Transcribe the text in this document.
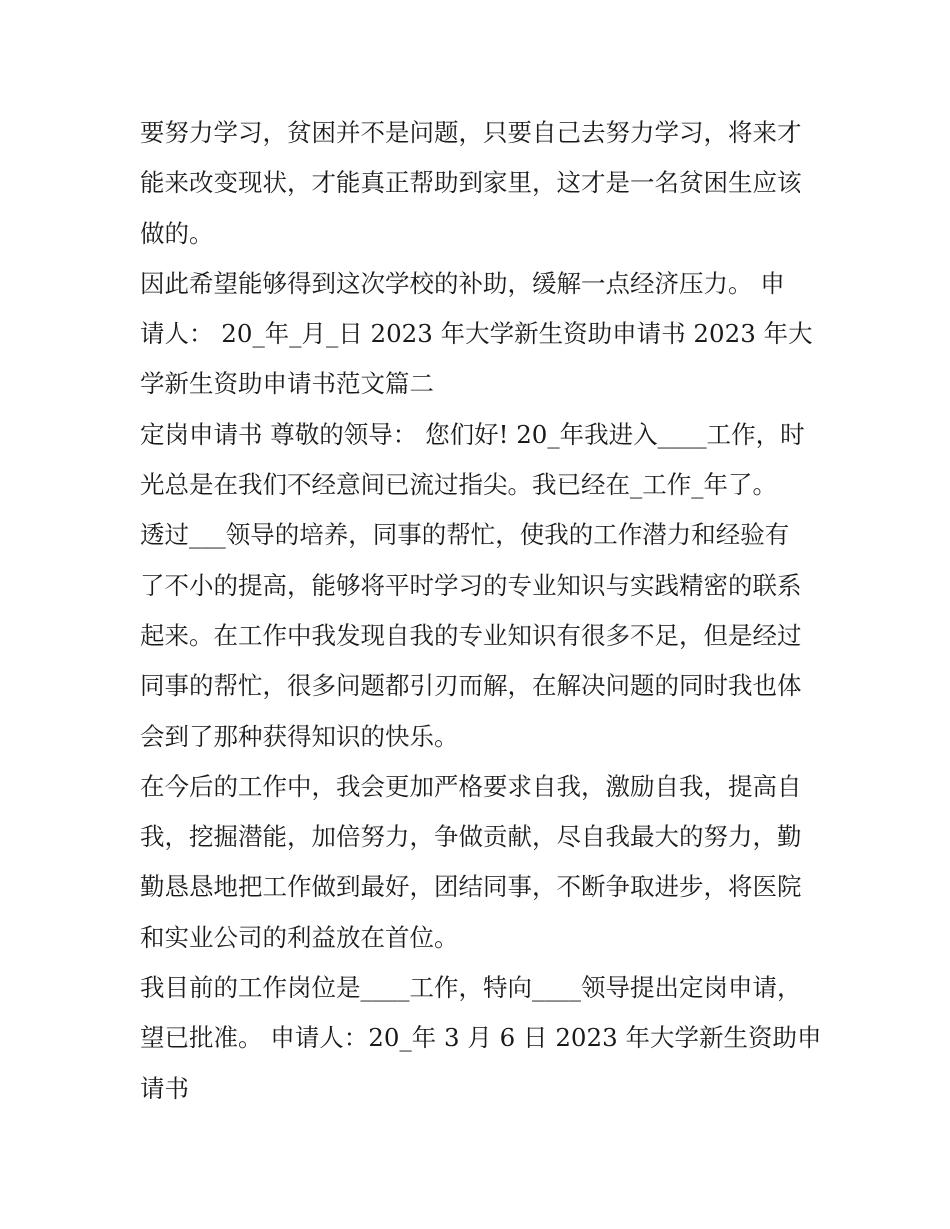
要努力学习，贫困并不是问题，只要自己去努力学习，将来才
能来改变现状，才能真正帮助到家里，这才是一名贫困生应该
做的。

因此希望能够得到这次学校的补助，缓解一点经济压力。 申
请人： 20_年_月_日 2023 年大学新生资助申请书 2023 年大
学新生资助申请书范文篇二

定岗申请书 尊敬的领导： 您们好! 20_年我进入____工作，时
光总是在我们不经意间已流过指尖。我已经在_工作_年了。

透过___领导的培养，同事的帮忙，使我的工作潜力和经验有
了不小的提高，能够将平时学习的专业知识与实践精密的联系
起来。在工作中我发现自我的专业知识有很多不足，但是经过
同事的帮忙，很多问题都引刃而解，在解决问题的同时我也体
会到了那种获得知识的快乐。

在今后的工作中，我会更加严格要求自我，激励自我，提高自
我，挖掘潜能，加倍努力，争做贡献，尽自我最大的努力，勤
勤恳恳地把工作做到最好，团结同事，不断争取进步，将医院
和实业公司的利益放在首位。

我目前的工作岗位是____工作，特向____领导提出定岗申请，
望已批准。 申请人：20_年 3 月 6 日 2023 年大学新生资助申
请书
